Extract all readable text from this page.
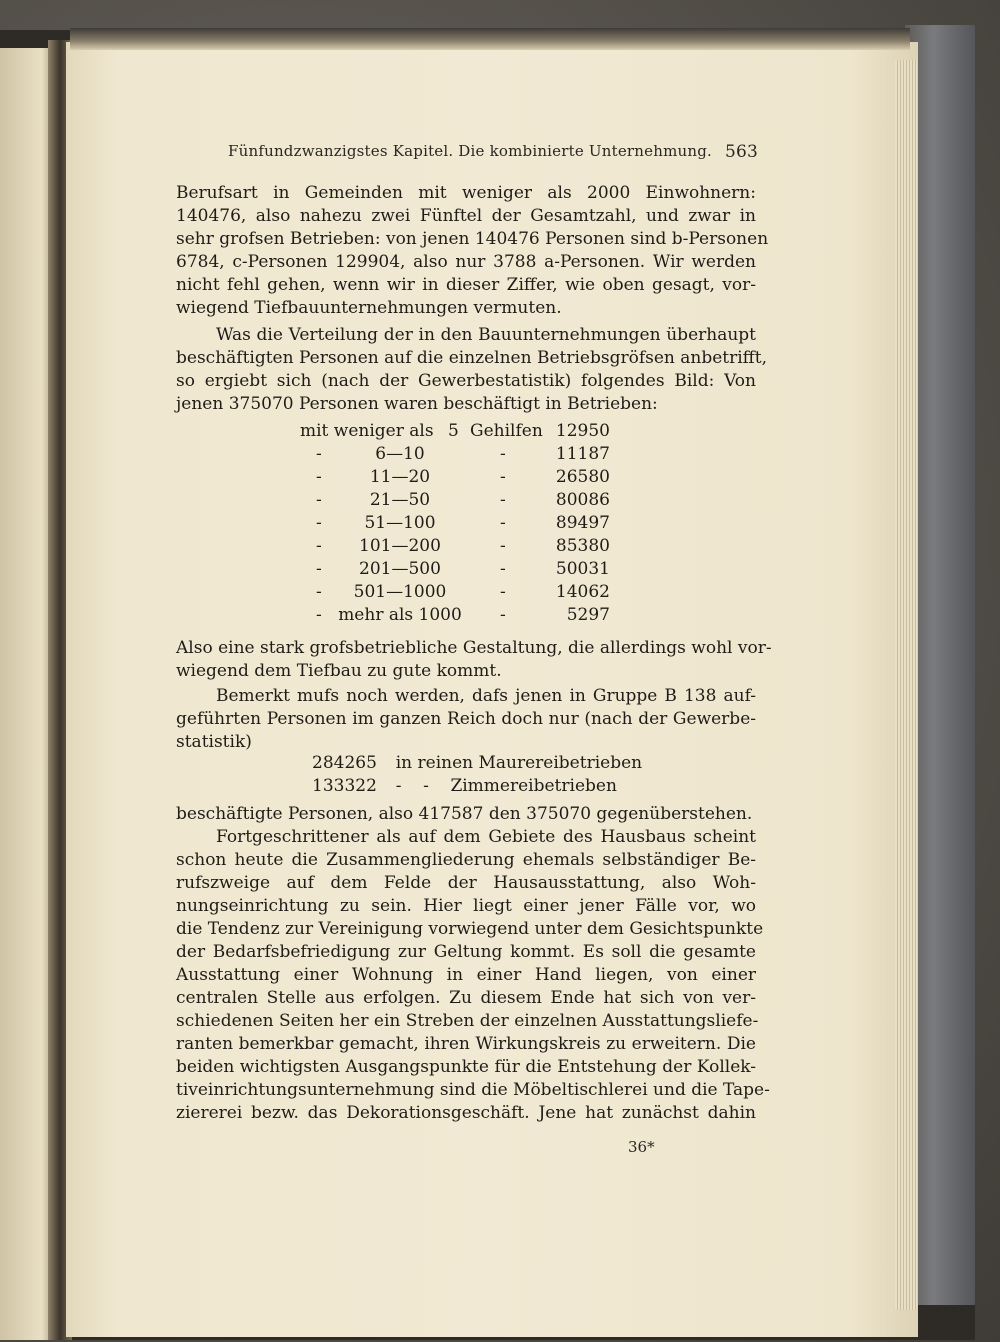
Fünfundzwanzigstes Kapitel. Die kombinierte Unternehmung. 563
Berufsart in Gemeinden mit weniger als 2000 Einwohnern:
140476, also nahezu zwei Fünftel der Gesamtzahl, und zwar in
sehr grofsen Betrieben: von jenen 140476 Personen sind b-Personen
6784, c-Personen 129904, also nur 3788 a-Personen. Wir werden
nicht fehl gehen, wenn wir in dieser Ziffer, wie oben gesagt, vor-
wiegend Tiefbauunternehmungen vermuten.
Was die Verteilung der in den Bauunternehmungen überhaupt
beschäftigten Personen auf die einzelnen Betriebsgröfsen anbetrifft,
so ergiebt sich (nach der Gewerbestatistik) folgendes Bild: Von
jenen 375070 Personen waren beschäftigt in Betrieben:
mit weniger als 5 Gehilfen 12950
-	6—10	-	11187
-	11—20	-	26580
-	21—50	-	80086
-	51—100	-	89497
-	101—200	-	85380
-	201—500	-	50031
-	501—1000	-	14062
- mehr als 1000	-	5297
Also eine stark grofsbetriebliche Gestaltung, die allerdings wohl vor-
wiegend dem Tiefbau zu gute kommt.
Bemerkt mufs noch werden, dafs jenen in Gruppe B 138 auf-
geführten Personen im ganzen Reich doch nur (nach der Gewerbe-
statistik)
284265 in reinen Maurereibetrieben
133322 -    -    Zimmereibetrieben
beschäftigte Personen, also 417587 den 375070 gegenüberstehen.
Fortgeschrittener als auf dem Gebiete des Hausbaus scheint
schon heute die Zusammengliederung ehemals selbständiger Be-
rufszweige auf dem Felde der Hausausstattung, also Woh-
nungseinrichtung zu sein. Hier liegt einer jener Fälle vor, wo
die Tendenz zur Vereinigung vorwiegend unter dem Gesichtspunkte
der Bedarfsbefriedigung zur Geltung kommt. Es soll die gesamte
Ausstattung einer Wohnung in einer Hand liegen, von einer
centralen Stelle aus erfolgen. Zu diesem Ende hat sich von ver-
schiedenen Seiten her ein Streben der einzelnen Ausstattungsliefe-
ranten bemerkbar gemacht, ihren Wirkungskreis zu erweitern. Die
beiden wichtigsten Ausgangspunkte für die Entstehung der Kollek-
tiveinrichtungsunternehmung sind die Möbeltischlerei und die Tape-
ziererei bezw. das Dekorationsgeschäft. Jene hat zunächst dahin
36*
